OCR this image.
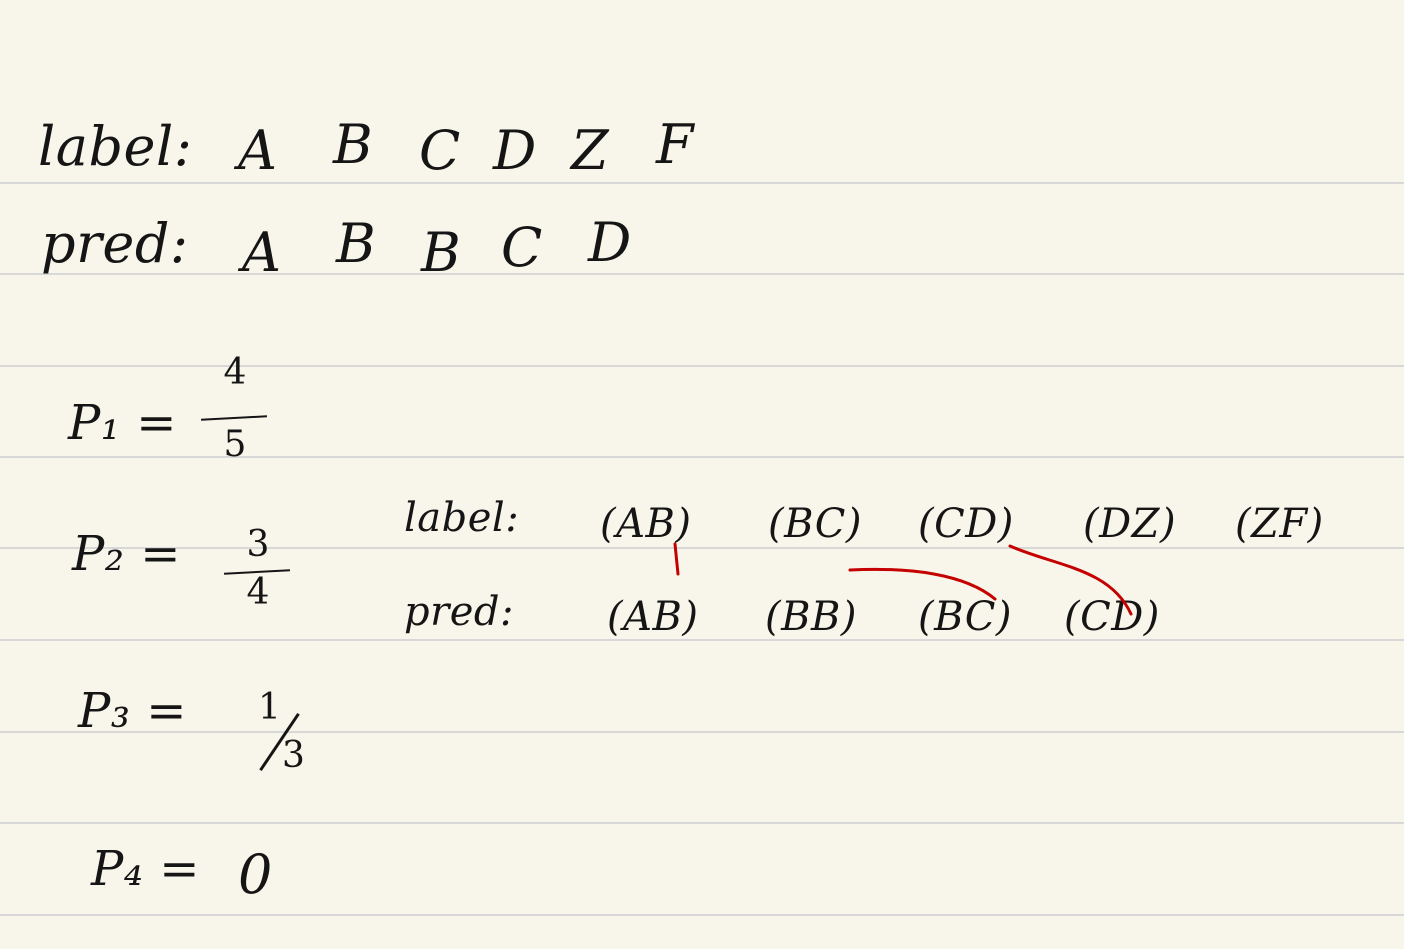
label: A B C D Z F
pred: A B B C D
P₁ =
4
5
P₂ =	3
4
P₃ = 1
3
P₄ = 0
label: (AB) (BC) (CD) (DZ) (ZF)
pred: (AB) (BB) (BC) (CD)
